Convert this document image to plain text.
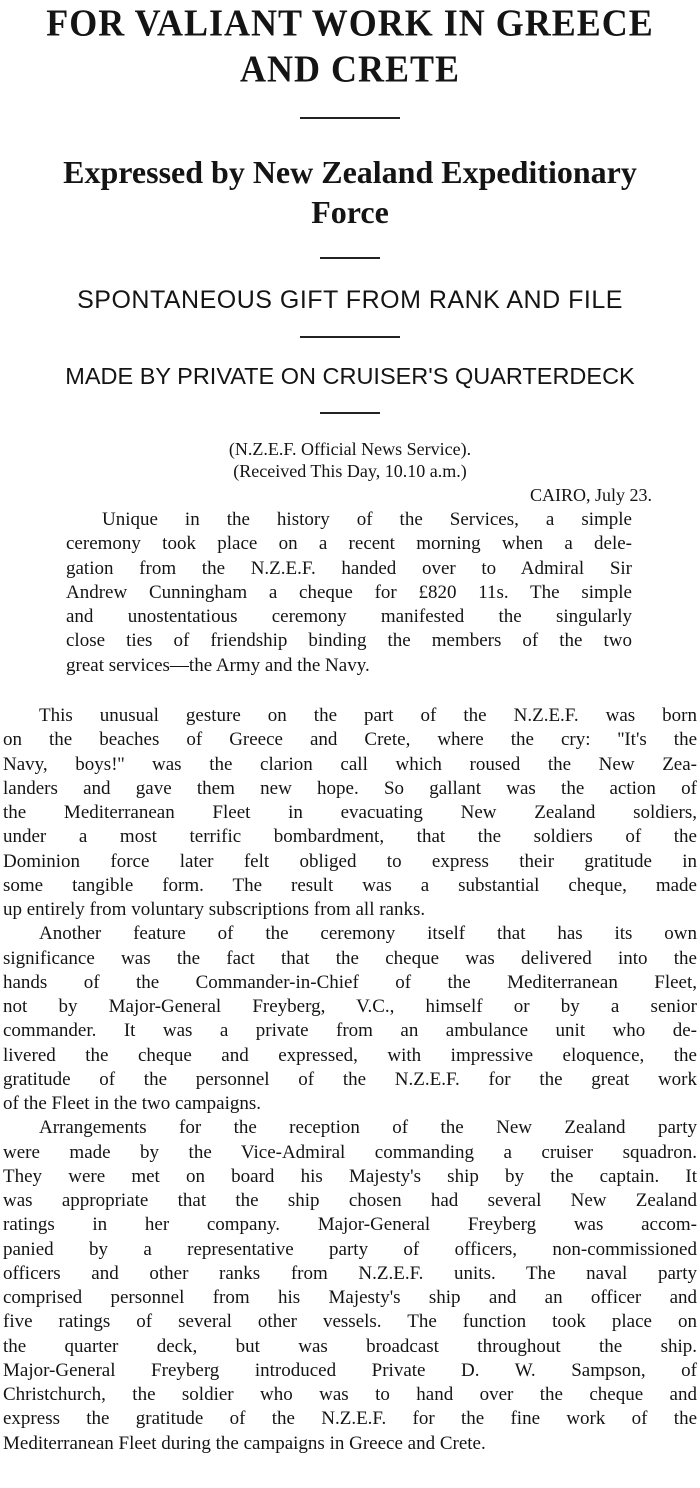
FOR VALIANT WORK IN GREECE
AND CRETE
Expressed by New Zealand Expeditionary
Force
SPONTANEOUS GIFT FROM RANK AND FILE
MADE BY PRIVATE ON CRUISER'S QUARTERDECK
(N.Z.E.F. Official News Service).
(Received This Day, 10.10 a.m.)
CAIRO, July 23.
Unique in the history of the Services, a simple
ceremony took place on a recent morning when a dele-
gation from the N.Z.E.F. handed over to Admiral Sir
Andrew Cunningham a cheque for £820 11s. The simple
and unostentatious ceremony manifested the singularly
close ties of friendship binding the members of the two
great services—the Army and the Navy.
This unusual gesture on the part of the N.Z.E.F. was born
on the beaches of Greece and Crete, where the cry: ''It's the
Navy, boys!'' was the clarion call which roused the New Zea-
landers and gave them new hope. So gallant was the action of
the Mediterranean Fleet in evacuating New Zealand soldiers,
under a most terrific bombardment, that the soldiers of the
Dominion force later felt obliged to express their gratitude in
some tangible form. The result was a substantial cheque, made
up entirely from voluntary subscriptions from all ranks.
Another feature of the ceremony itself that has its own
significance was the fact that the cheque was delivered into the
hands of the Commander-in-Chief of the Mediterranean Fleet,
not by Major-General Freyberg, V.C., himself or by a senior
commander. It was a private from an ambulance unit who de-
livered the cheque and expressed, with impressive eloquence, the
gratitude of the personnel of the N.Z.E.F. for the great work
of the Fleet in the two campaigns.
Arrangements for the reception of the New Zealand party
were made by the Vice-Admiral commanding a cruiser squadron.
They were met on board his Majesty's ship by the captain. It
was appropriate that the ship chosen had several New Zealand
ratings in her company. Major-General Freyberg was accom-
panied by a representative party of officers, non-commissioned
officers and other ranks from N.Z.E.F. units. The naval party
comprised personnel from his Majesty's ship and an officer and
five ratings of several other vessels. The function took place on
the quarter deck, but was broadcast throughout the ship.
Major-General Freyberg introduced Private D. W. Sampson, of
Christchurch, the soldier who was to hand over the cheque and
express the gratitude of the N.Z.E.F. for the fine work of the
Mediterranean Fleet during the campaigns in Greece and Crete.
